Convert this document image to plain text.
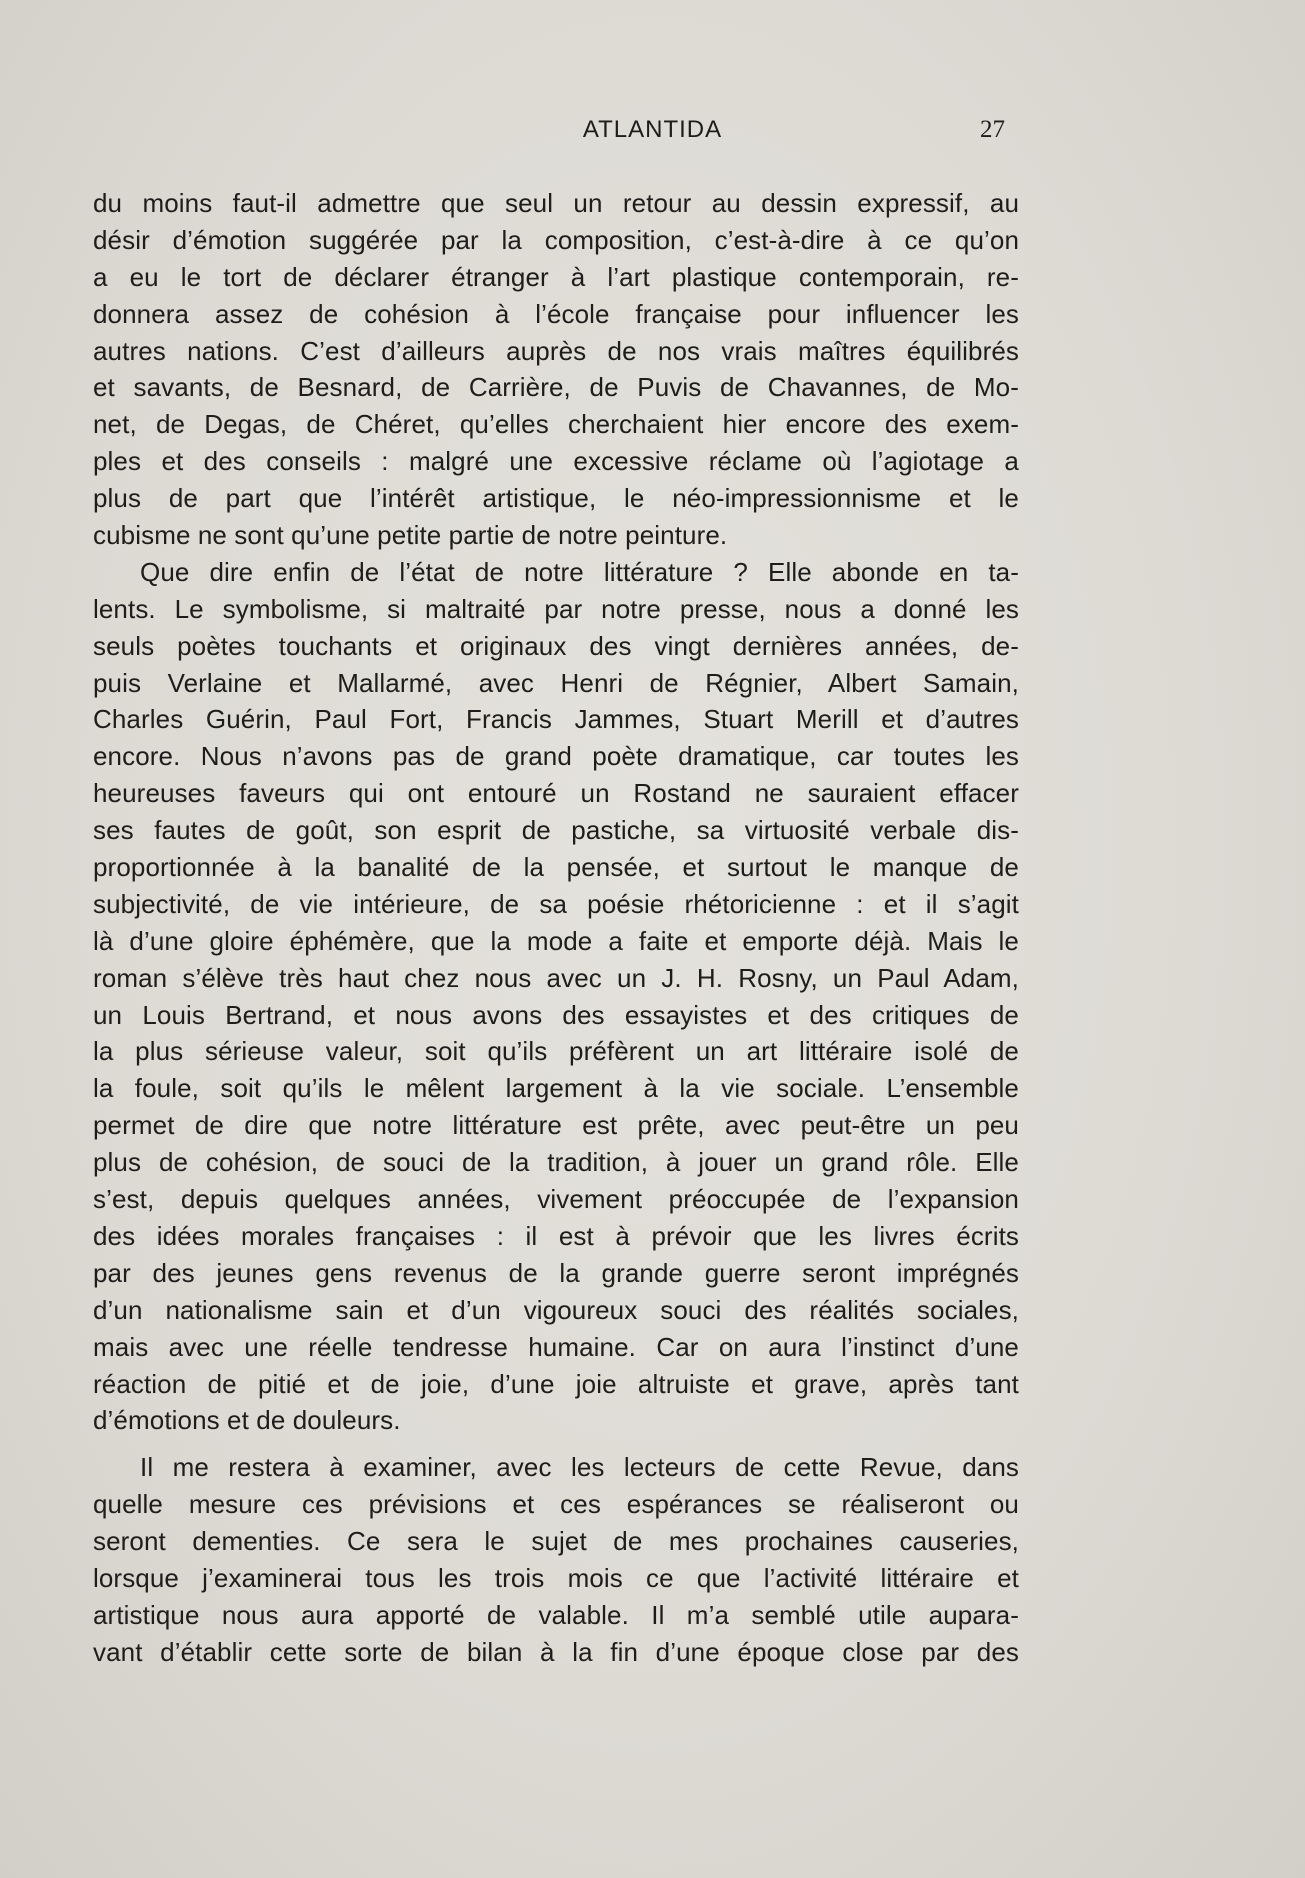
ATLANTIDA	27
du moins faut-il admettre que seul un retour au dessin expressif, au
désir d’émotion suggérée par la composition, c’est-à-dire à ce qu’on
a eu le tort de déclarer étranger à l’art plastique contemporain, re-
donnera assez de cohésion à l’école française pour influencer les
autres nations. C’est d’ailleurs auprès de nos vrais maîtres équilibrés
et savants, de Besnard, de Carrière, de Puvis de Chavannes, de Mo-
net, de Degas, de Chéret, qu’elles cherchaient hier encore des exem-
ples et des conseils : malgré une excessive réclame où l’agiotage a
plus de part que l’intérêt artistique, le néo-impressionnisme et le
cubisme ne sont qu’une petite partie de notre peinture.
Que dire enfin de l’état de notre littérature ? Elle abonde en ta-
lents. Le symbolisme, si maltraité par notre presse, nous a donné les
seuls poètes touchants et originaux des vingt dernières années, de-
puis Verlaine et Mallarmé, avec Henri de Régnier, Albert Samain,
Charles Guérin, Paul Fort, Francis Jammes, Stuart Merill et d’autres
encore. Nous n’avons pas de grand poète dramatique, car toutes les
heureuses faveurs qui ont entouré un Rostand ne sauraient effacer
ses fautes de goût, son esprit de pastiche, sa virtuosité verbale dis-
proportionnée à la banalité de la pensée, et surtout le manque de
subjectivité, de vie intérieure, de sa poésie rhétoricienne : et il s’agit
là d’une gloire éphémère, que la mode a faite et emporte déjà. Mais le
roman s’élève très haut chez nous avec un J. H. Rosny, un Paul Adam,
un Louis Bertrand, et nous avons des essayistes et des critiques de
la plus sérieuse valeur, soit qu’ils préfèrent un art littéraire isolé de
la foule, soit qu’ils le mêlent largement à la vie sociale. L’ensemble
permet de dire que notre littérature est prête, avec peut-être un peu
plus de cohésion, de souci de la tradition, à jouer un grand rôle. Elle
s’est, depuis quelques années, vivement préoccupée de l’expansion
des idées morales françaises : il est à prévoir que les livres écrits
par des jeunes gens revenus de la grande guerre seront imprégnés
d’un nationalisme sain et d’un vigoureux souci des réalités sociales,
mais avec une réelle tendresse humaine. Car on aura l’instinct d’une
réaction de pitié et de joie, d’une joie altruiste et grave, après tant
d’émotions et de douleurs.
Il me restera à examiner, avec les lecteurs de cette Revue, dans
quelle mesure ces prévisions et ces espérances se réaliseront ou
seront dementies. Ce sera le sujet de mes prochaines causeries,
lorsque j’examinerai tous les trois mois ce que l’activité littéraire et
artistique nous aura apporté de valable. Il m’a semblé utile aupara-
vant d’établir cette sorte de bilan à la fin d’une époque close par des
